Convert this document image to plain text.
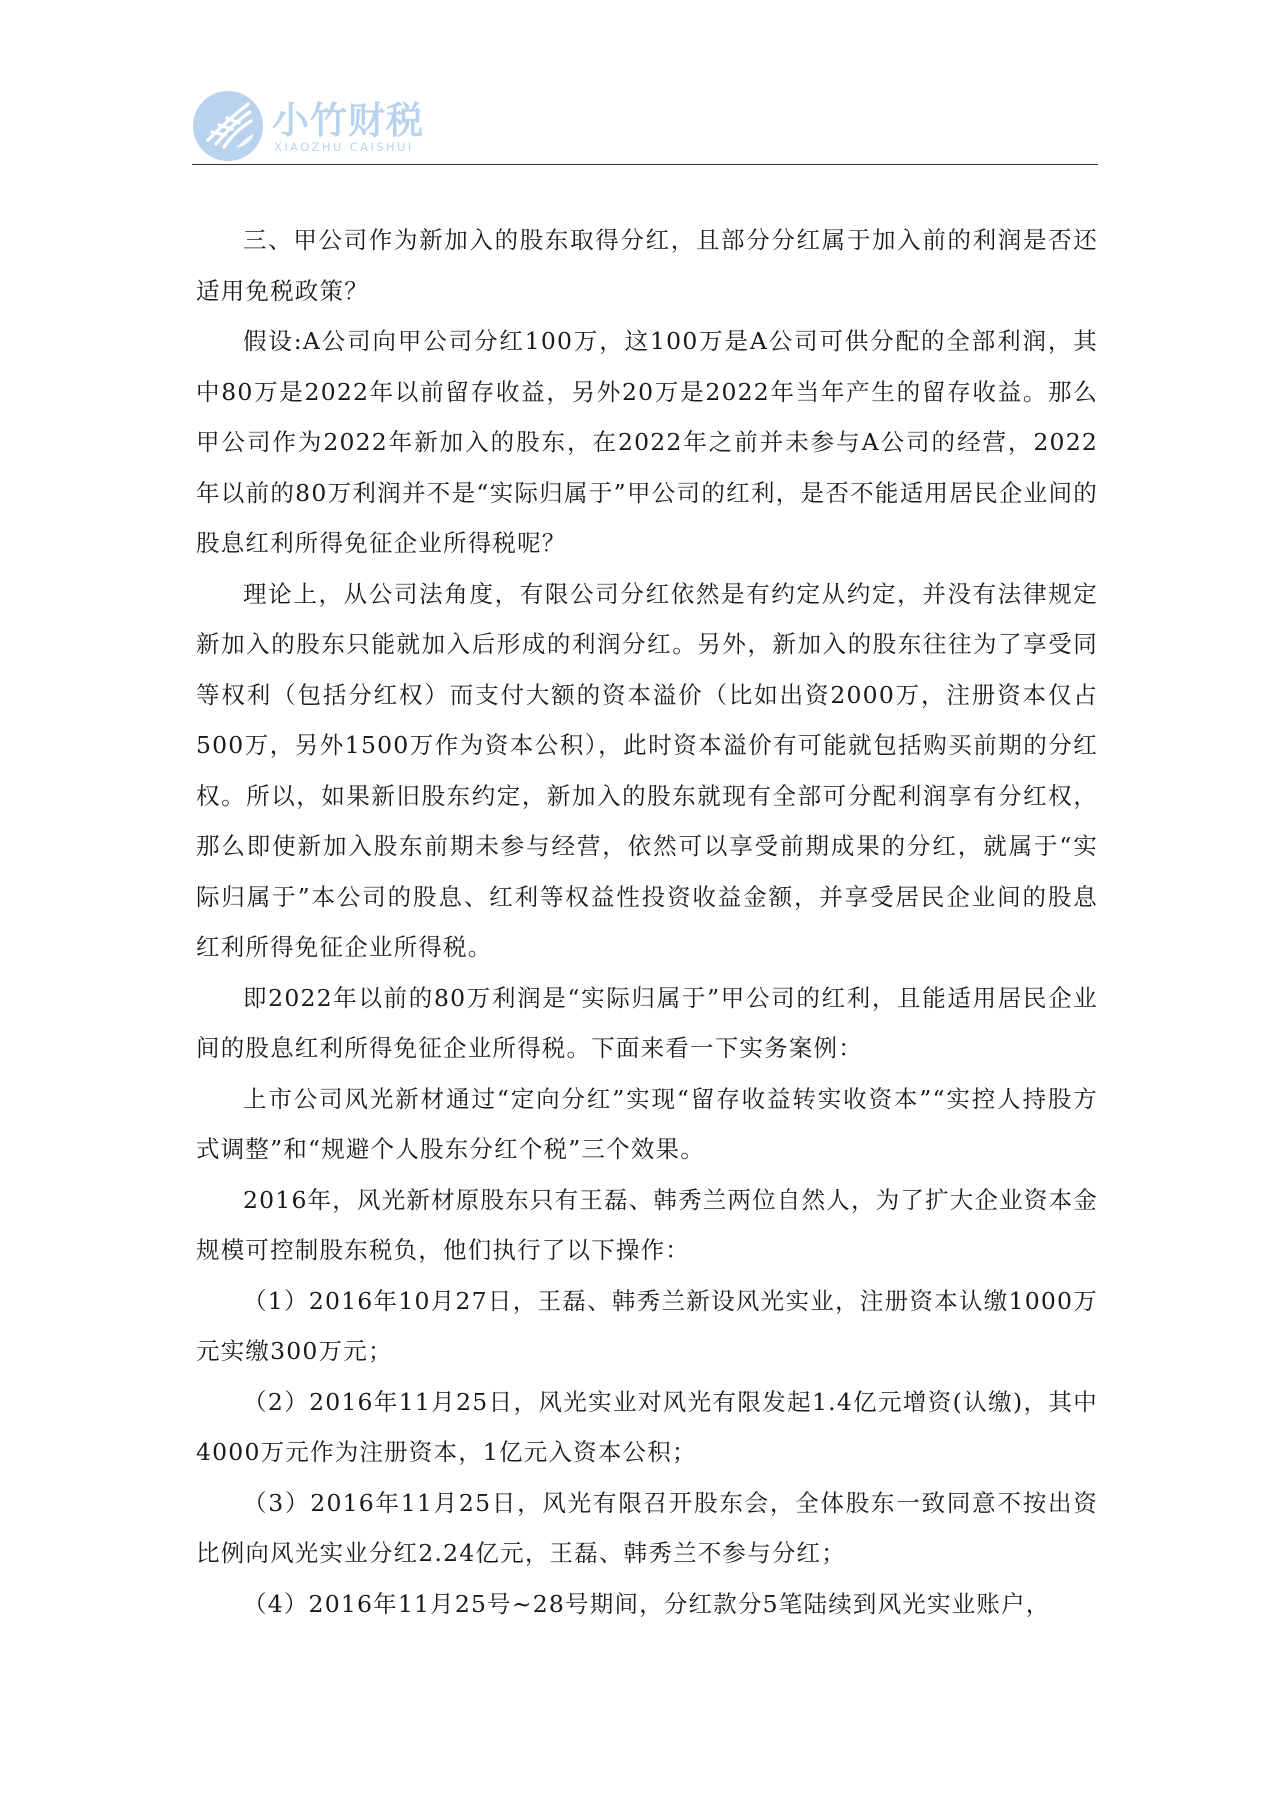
小竹财税
XIAOZHU CAISHUI

三、甲公司作为新加入的股东取得分红，且部分分红属于加入前的利润是否还适用免税政策？

假设:A公司向甲公司分红100万，这100万是A公司可供分配的全部利润，其中80万是2022年以前留存收益，另外20万是2022年当年产生的留存收益。那么甲公司作为2022年新加入的股东，在2022年之前并未参与A公司的经营，2022年以前的80万利润并不是“实际归属于”甲公司的红利，是否不能适用居民企业间的股息红利所得免征企业所得税呢？

理论上，从公司法角度，有限公司分红依然是有约定从约定，并没有法律规定新加入的股东只能就加入后形成的利润分红。另外，新加入的股东往往为了享受同等权利（包括分红权）而支付大额的资本溢价（比如出资2000万，注册资本仅占500万，另外1500万作为资本公积），此时资本溢价有可能就包括购买前期的分红权。所以，如果新旧股东约定，新加入的股东就现有全部可分配利润享有分红权，那么即使新加入股东前期未参与经营，依然可以享受前期成果的分红，就属于“实际归属于”本公司的股息、红利等权益性投资收益金额，并享受居民企业间的股息红利所得免征企业所得税。

即2022年以前的80万利润是“实际归属于”甲公司的红利，且能适用居民企业间的股息红利所得免征企业所得税。下面来看一下实务案例：

上市公司风光新材通过“定向分红”实现“留存收益转实收资本”“实控人持股方式调整”和“规避个人股东分红个税”三个效果。

2016年，风光新材原股东只有王磊、韩秀兰两位自然人，为了扩大企业资本金规模可控制股东税负，他们执行了以下操作：

（1）2016年10月27日，王磊、韩秀兰新设风光实业，注册资本认缴1000万元实缴300万元；

（2）2016年11月25日，风光实业对风光有限发起1.4亿元增资(认缴)，其中4000万元作为注册资本，1亿元入资本公积；

（3）2016年11月25日，风光有限召开股东会，全体股东一致同意不按出资比例向风光实业分红2.24亿元，王磊、韩秀兰不参与分红；

（4）2016年11月25号~28号期间，分红款分5笔陆续到风光实业账户，
